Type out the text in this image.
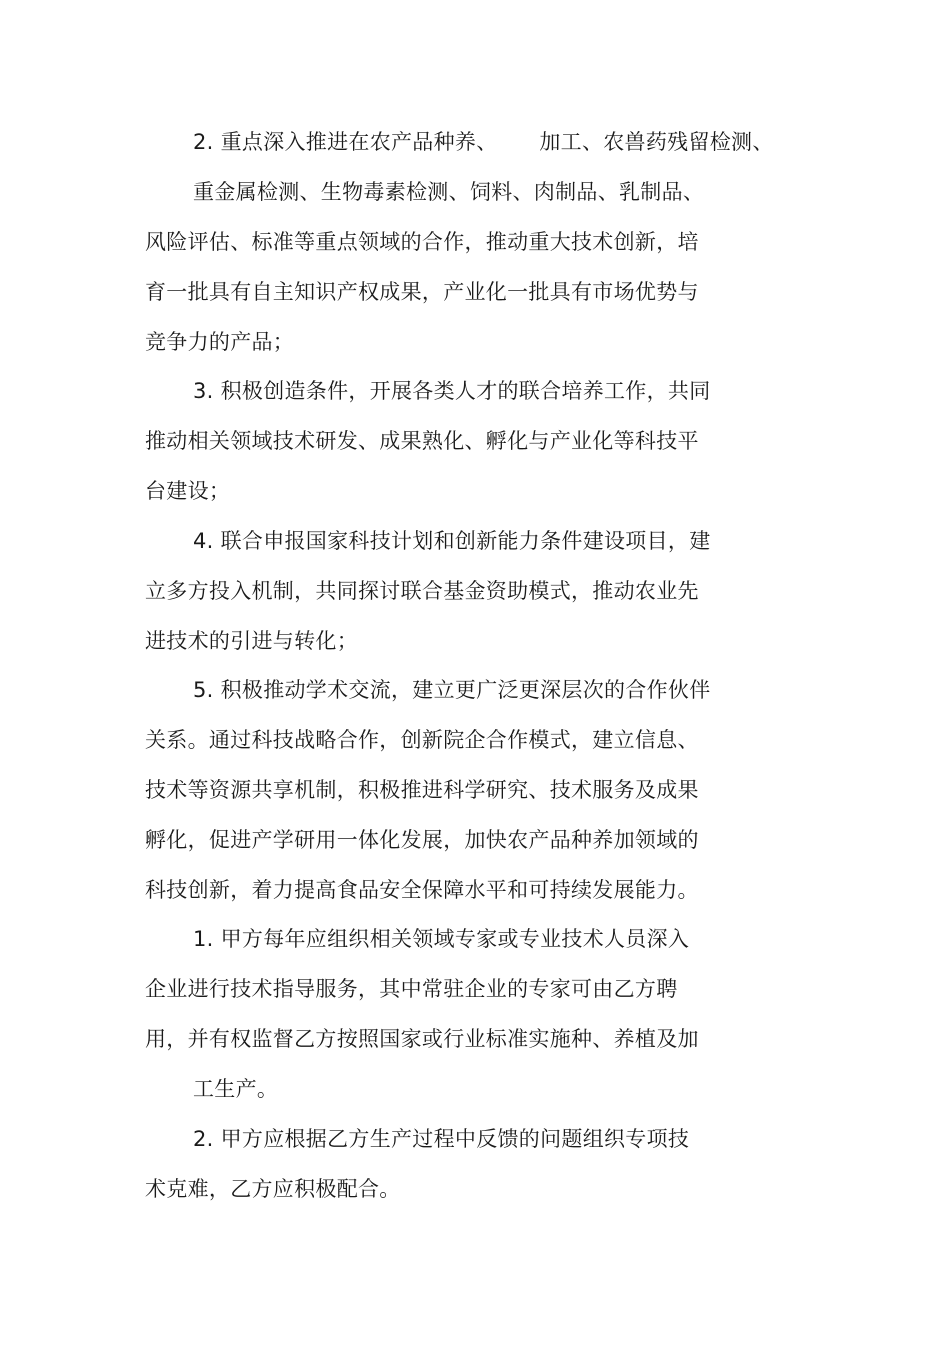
2. 重点深入推进在农产品种养、      加工、农兽药残留检测、
重金属检测、生物毒素检测、饲料、肉制品、乳制品、
风险评估、标准等重点领域的合作，推动重大技术创新，培
育一批具有自主知识产权成果，产业化一批具有市场优势与
竞争力的产品；
3. 积极创造条件，开展各类人才的联合培养工作，共同
推动相关领域技术研发、成果熟化、孵化与产业化等科技平
台建设；
4. 联合申报国家科技计划和创新能力条件建设项目，建
立多方投入机制，共同探讨联合基金资助模式，推动农业先
进技术的引进与转化；
5. 积极推动学术交流，建立更广泛更深层次的合作伙伴
关系。通过科技战略合作，创新院企合作模式，建立信息、
技术等资源共享机制，积极推进科学研究、技术服务及成果
孵化，促进产学研用一体化发展，加快农产品种养加领域的
科技创新，着力提高食品安全保障水平和可持续发展能力。
1. 甲方每年应组织相关领域专家或专业技术人员深入
企业进行技术指导服务，其中常驻企业的专家可由乙方聘
用，并有权监督乙方按照国家或行业标准实施种、养植及加
工生产。
2. 甲方应根据乙方生产过程中反馈的问题组织专项技
术克难，乙方应积极配合。
